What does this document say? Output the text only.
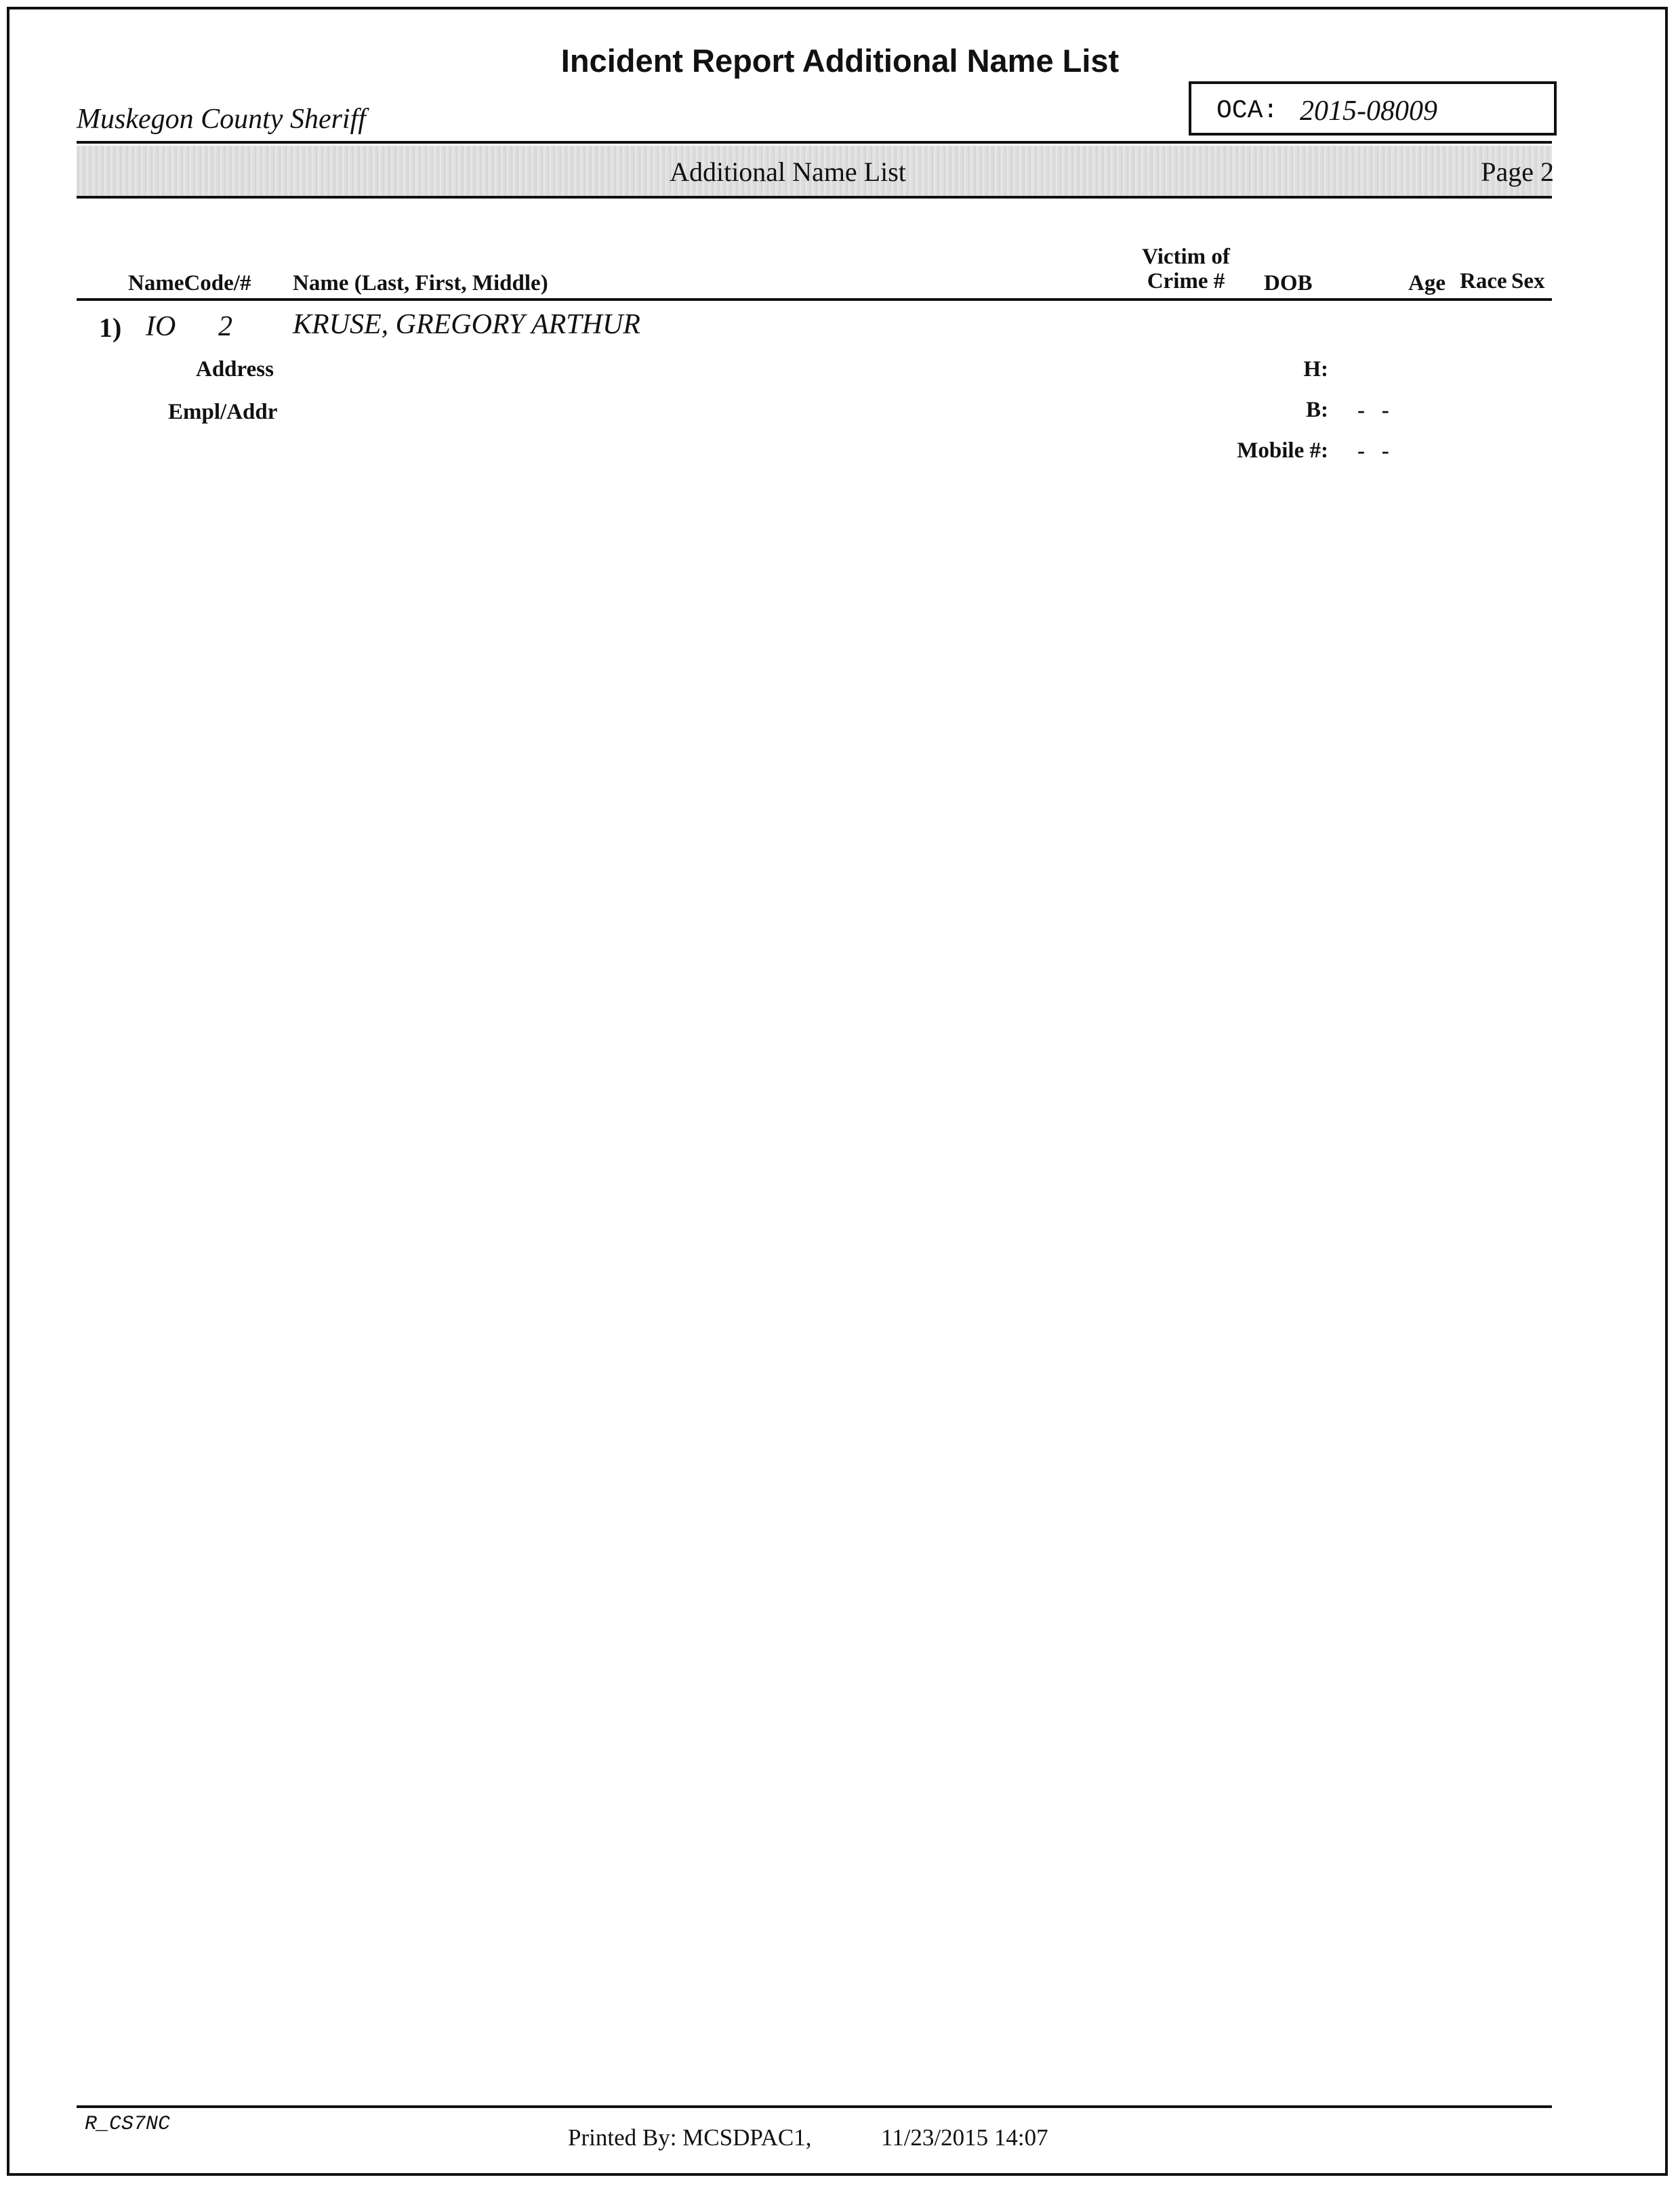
Incident Report Additional Name List
Muskegon County Sheriff	OCA: 2015-08009
Additional Name List	Page 2
NameCode/# Name (Last, First, Middle)
Victim of
Crime #	DOB	Age Race Sex
1) IO 2 KRUSE, GREGORY ARTHUR
Address
Empl/Addr
H:
B: -   -
Mobile #: -   -
R_CS7NC	Printed By: MCSDPAC1,	11/23/2015 14:07
